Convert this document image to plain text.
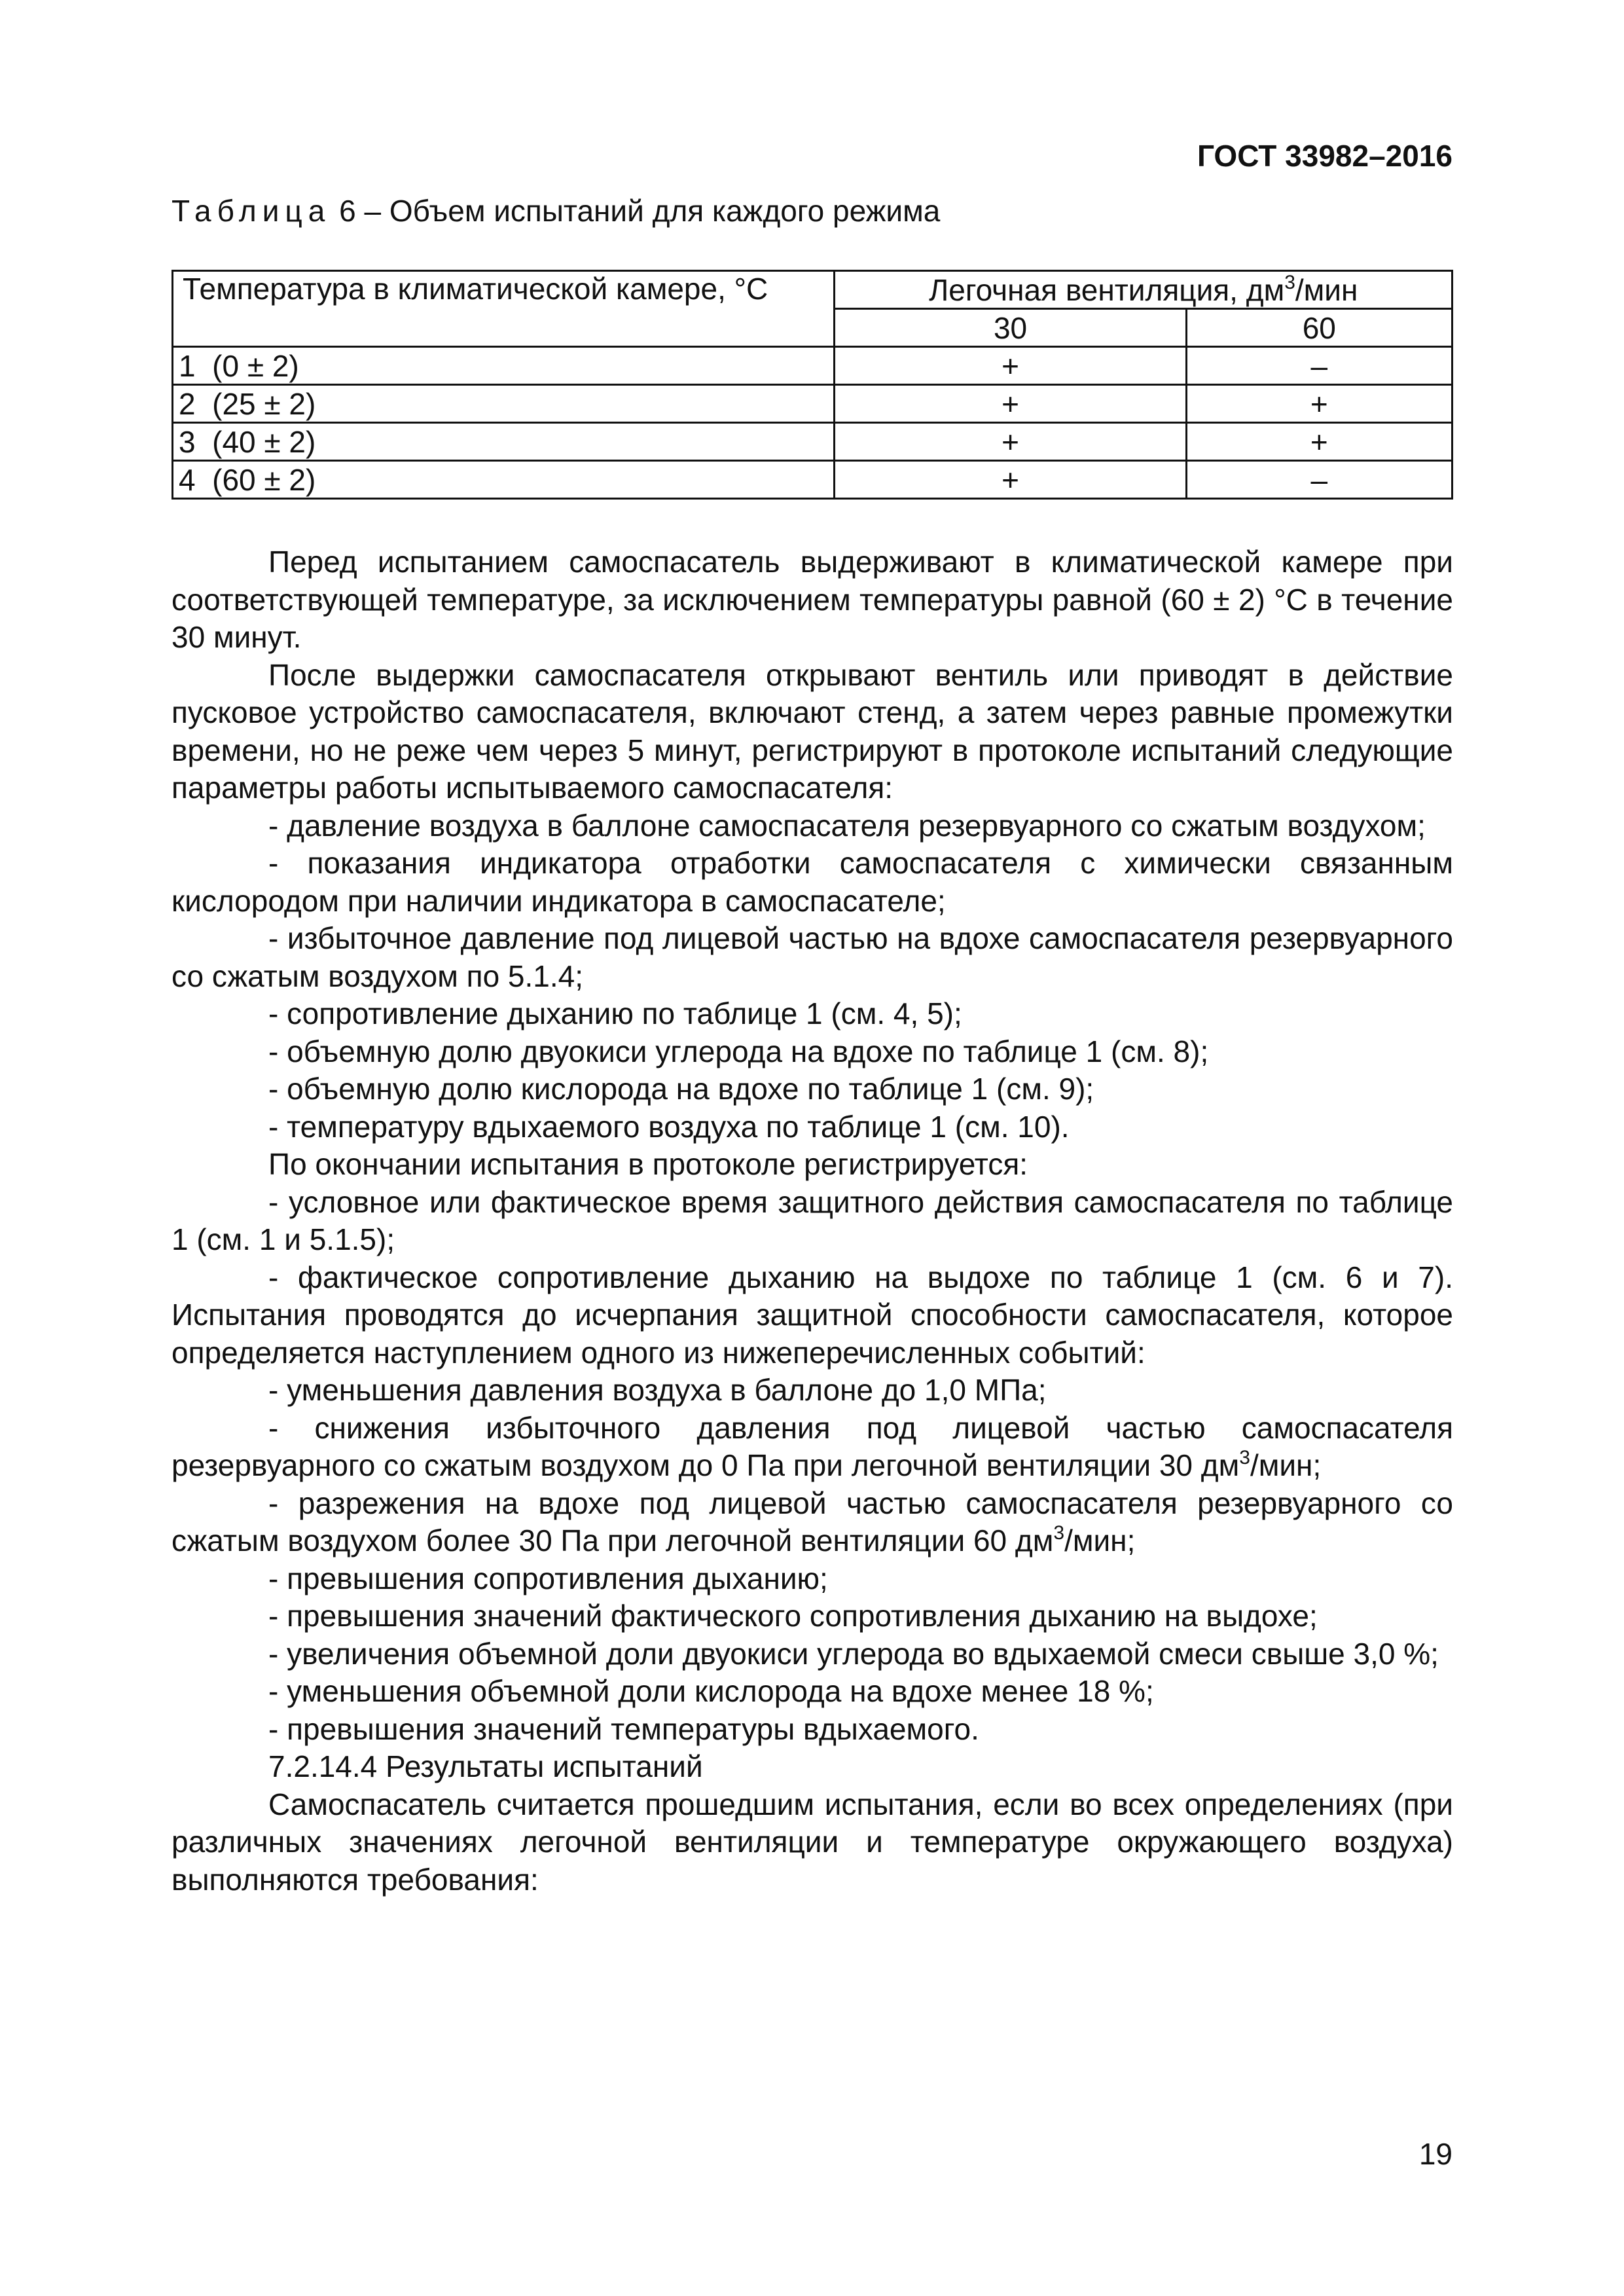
ГОСТ 33982–2016
Таблица 6 – Объем испытаний для каждого режима
Температура в климатической камере, °C	Легочная вентиляция, $дм^3$/мин	
	30	60
1  (0 ± 2)	+	–
2  (25 ± 2)	+	+
3  (40 ± 2)	+	+
4  (60 ± 2)	+	–

Перед испытанием самоспасатель выдерживают в климатической камере при соответствующей температуре, за исключением температуры равной (60 ± 2) °С в течение 30 минут.

После выдержки самоспасателя открывают вентиль или приводят в действие пусковое устройство самоспасателя, включают стенд, а затем через равные промежутки времени, но не реже чем через 5 минут, регистрируют в протоколе испытаний следующие параметры работы испытываемого самоспасателя:

- давление воздуха в баллоне самоспасателя резервуарного со сжатым воздухом;

- показания индикатора отработки самоспасателя с химически связанным кислородом при наличии индикатора в самоспасателе;

- избыточное давление под лицевой частью на вдохе самоспасателя резервуарного со сжатым воздухом по 5.1.4;

- сопротивление дыханию по таблице 1 (см. 4, 5);

- объемную долю двуокиси углерода на вдохе по таблице 1 (см. 8);

- объемную долю кислорода на вдохе по таблице 1 (см. 9);

- температуру вдыхаемого воздуха по таблице 1 (см. 10).

По окончании испытания в протоколе регистрируется:

- условное или фактическое время защитного действия самоспасателя по таблице 1 (см. 1 и 5.1.5);

- фактическое сопротивление дыханию на выдохе по таблице 1 (см. 6 и 7). Испытания проводятся до исчерпания защитной способности самоспасателя, которое определяется наступлением одного из нижеперечисленных событий:

- уменьшения давления воздуха в баллоне до 1,0 МПа;

- снижения избыточного давления под лицевой частью самоспасателя резервуарного со сжатым воздухом до 0 Па при легочной вентиляции 30 $дм^3$/мин;

- разрежения на вдохе под лицевой частью самоспасателя резервуарного со сжатым воздухом более 30 Па при легочной вентиляции 60 $дм^3$/мин;

- превышения сопротивления дыханию;

- превышения значений фактического сопротивления дыханию на выдохе;

- увеличения объемной доли двуокиси углерода во вдыхаемой смеси свыше 3,0 %;

- уменьшения объемной доли кислорода на вдохе менее 18 %;

- превышения значений температуры вдыхаемого.

7.2.14.4 Результаты испытаний

Самоспасатель считается прошедшим испытания, если во всех определениях (при различных значениях легочной вентиляции и температуре окружающего воздуха) выполняются требования:

19
